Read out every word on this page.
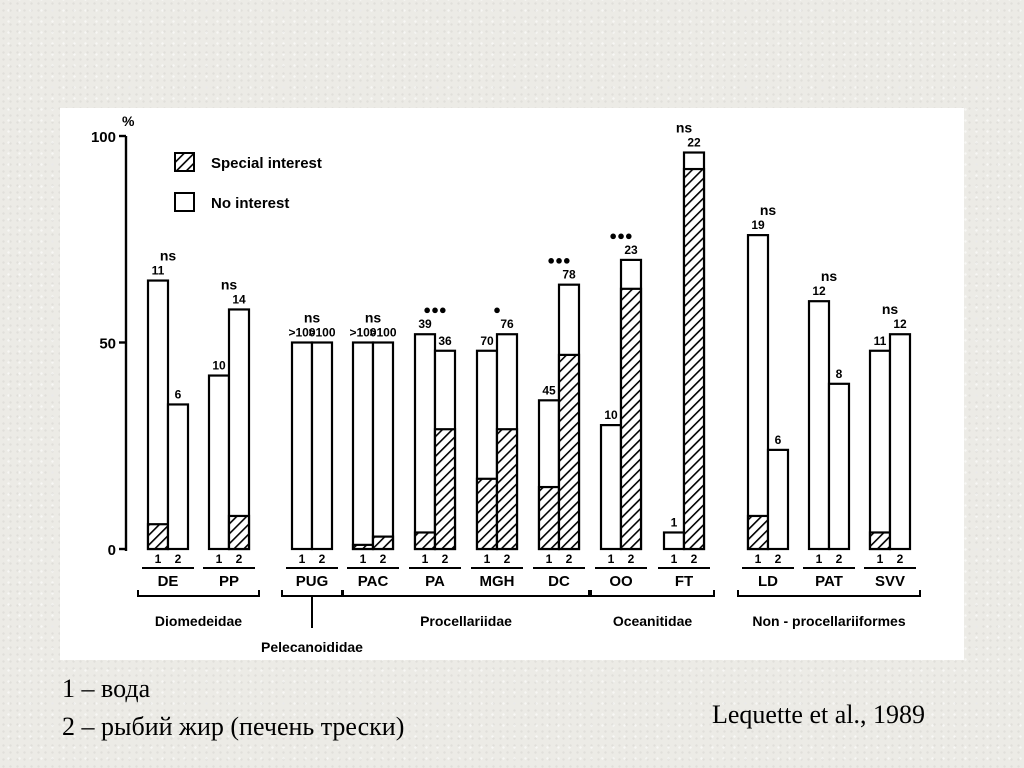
0
50
100
%
11
1
6
2
DE
ns
10
1
14
2
PP
ns
>100
1
>100
2
PUG
ns
>100
1
>100
2
PAC
ns	39
1
36
2
PA
●●●
70
1
76
2
MGH
●
45
1
78
2
DC
●●●
10
1
23
2
OO
●●●
1
1
22
2
FT
ns
19
1
6
2
LD
ns
12
1
8
2
PAT
ns
11
1
12
2
SVV
ns
Special interest
No interest
Diomedeidae
Pelecanoididae
Procellariidae	Oceanitidae	Non - procellariiformes
1 – вода
2 – рыбий жир (печень трески)	Lequette et al., 1989
